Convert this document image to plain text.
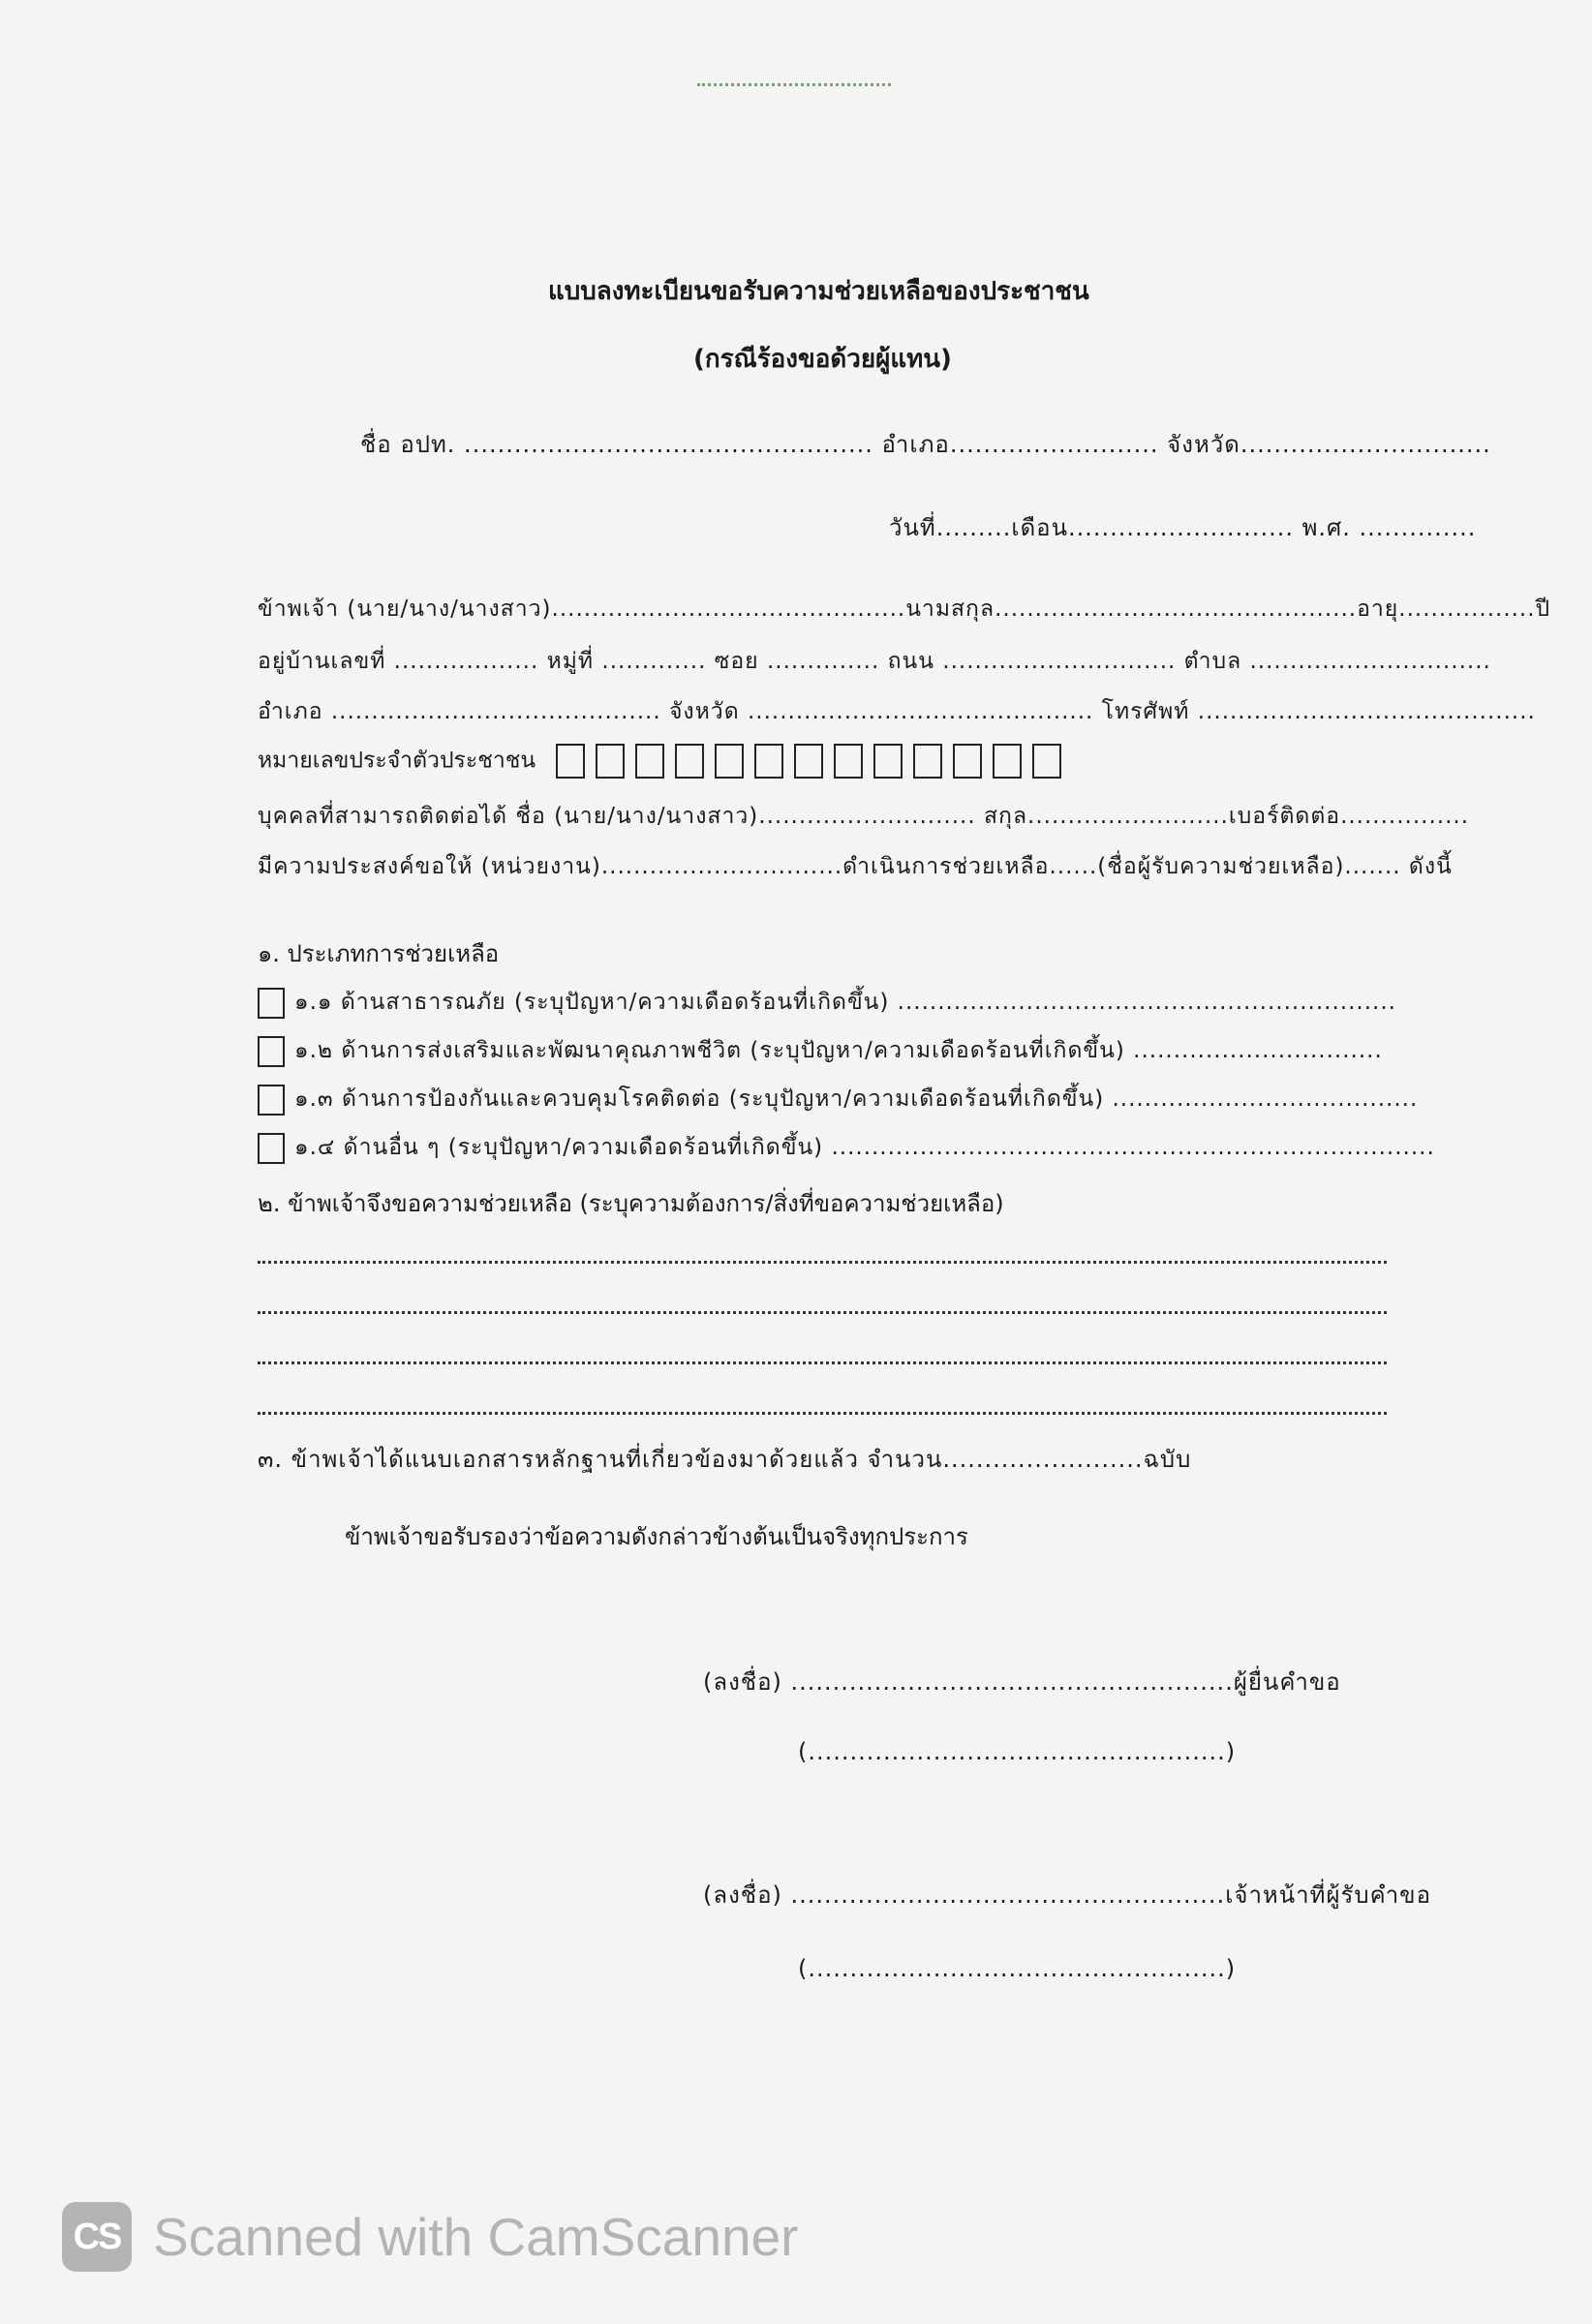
แบบลงทะเบียนขอรับความช่วยเหลือของประชาชน
(กรณีร้องขอด้วยผู้แทน)
ชื่อ อปท. ................................................. อำเภอ......................... จังหวัด..............................
วันที่.........เดือน........................... พ.ศ. ..............
ข้าพเจ้า (นาย/นาง/นางสาว)............................................นามสกุล.............................................อายุ.................ปี
อยู่บ้านเลขที่ .................. หมู่ที่ ............. ซอย .............. ถนน ............................. ตำบล ..............................
อำเภอ ......................................... จังหวัด ........................................... โทรศัพท์ ..........................................
หมายเลขประจำตัวประชาชน
บุคคลที่สามารถติดต่อได้ ชื่อ (นาย/นาง/นางสาว)........................... สกุล.........................เบอร์ติดต่อ................
มีความประสงค์ขอให้ (หน่วยงาน)..............................ดำเนินการช่วยเหลือ......(ชื่อผู้รับความช่วยเหลือ)....... ดังนี้
๑. ประเภทการช่วยเหลือ
๑.๑ ด้านสาธารณภัย (ระบุปัญหา/ความเดือดร้อนที่เกิดขึ้น) ..............................................................
๑.๒ ด้านการส่งเสริมและพัฒนาคุณภาพชีวิต (ระบุปัญหา/ความเดือดร้อนที่เกิดขึ้น) ...............................
๑.๓ ด้านการป้องกันและควบคุมโรคติดต่อ (ระบุปัญหา/ความเดือดร้อนที่เกิดขึ้น) ......................................
๑.๔ ด้านอื่น ๆ (ระบุปัญหา/ความเดือดร้อนที่เกิดขึ้น) ...........................................................................
๒. ข้าพเจ้าจึงขอความช่วยเหลือ (ระบุความต้องการ/สิ่งที่ขอความช่วยเหลือ)
๓. ข้าพเจ้าได้แนบเอกสารหลักฐานที่เกี่ยวข้องมาด้วยแล้ว จำนวน........................ฉบับ
ข้าพเจ้าขอรับรองว่าข้อความดังกล่าวข้างต้นเป็นจริงทุกประการ
(ลงชื่อ) .....................................................ผู้ยื่นคำขอ
(..................................................)
(ลงชื่อ) ....................................................เจ้าหน้าที่ผู้รับคำขอ
(..................................................)
CS Scanned with CamScanner
